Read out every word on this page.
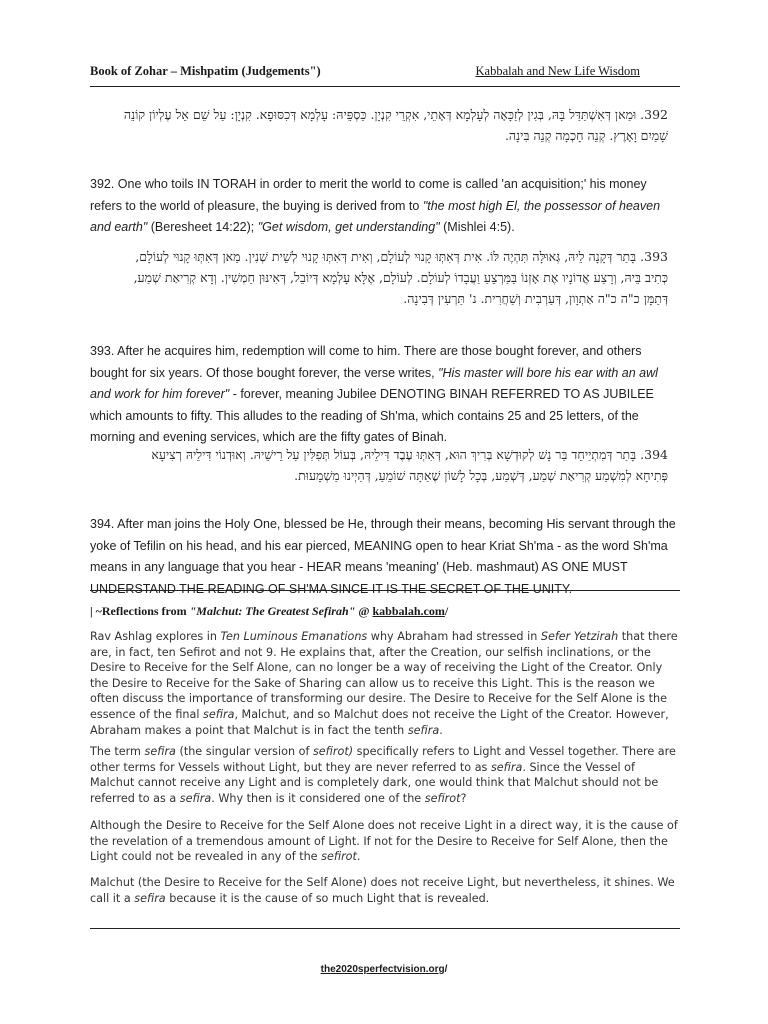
Book of Zohar – Mishpatim (Judgements")	Kabbalah and New Life Wisdom
392. וּמַאן דְּאִשְׁתַּדַּל בָּהּ, בְּגִין לְזַכָּאָה לְעָלְמָא דְּאָתֵי, אִקְרֵי קִנְיָן. כַּסְפֵּיהּ: עָלְמָא דְּכִסּוּפָא. קִנְיָן: עַל שֵׁם אֵל עֶלְיוֹן קוֹנֵה שָׁמַיִם וָאָרֶץ. קְנֵה חָכְמָה קְנֵה בִּינָה.
392. One who toils IN TORAH in order to merit the world to come is called 'an acquisition;' his money refers to the world of pleasure, the buying is derived from to "the most high El, the possessor of heaven and earth" (Beresheet 14:22); "Get wisdom, get understanding" (Mishlei 4:5).
393. בָּתַר דְּקָנָה לֵיהּ, גְּאוּלָּה תִּהְיֶה לּוֹ. אִית דְּאִתְּוּ קָנוּי לְעוֹלָם, וְאִית דְּאִתְּוּ קָנוּי לְשֵׁית שְׁנִין. מַאן דְּאִתְּוּ קָנוּי לְעוֹלָם, כְּתִיב בֵּיהּ, וְרָצַע אֲדוֹנָיו אֶת אָזְנוֹ בַּמַּרְצֵעַ וַעֲבָדוֹ לְעוֹלָם. לְעוֹלָם, אֶלָּא עָלְמָא דְּיוֹבֵל, דְּאִינּוּן חַמְשִׁין. וְדָא קְרִיאַת שְׁמַע, דְּתַמָּן כ"ה כ"ה אַתְוָון, דְּעַרְבִית וְשַׁחֲרִית. נ' תַּרְעִין דְּבִינָה.
393. After he acquires him, redemption will come to him. There are those bought forever, and others bought for six years. Of those bought forever, the verse writes, "His master will bore his ear with an awl and work for him forever" - forever, meaning Jubilee DENOTING BINAH REFERRED TO AS JUBILEE which amounts to fifty. This alludes to the reading of Sh'ma, which contains 25 and 25 letters, of the morning and evening services, which are the fifty gates of Binah.
394. בָּתַר דְּמִתְיַיחֵד בַּר נָשׁ לְקוּדְשָׁא בְּרִיךְ הוּא, דְּאִתְּוּ עֶבֶד דִּילֵיהּ, בְּעוֹל תְּפִלִּין עַל רֵישֵׁיהּ. וְאוּדְנוֹי דִּילֵיהּ רְצִיעָא פְּתִיחָא לְמִשְׁמַע קְרִיאַת שְׁמַע, דְּשְׁמַע, בְּכָל לָשׁוֹן שֶׁאַתָּה שׁוֹמֵעַ, דְּהַיְינוּ מַשְׁמָעוּת.
394. After man joins the Holy One, blessed be He, through their means, becoming His servant through the yoke of Tefilin on his head, and his ear pierced, MEANING open to hear Kriat Sh'ma - as the word Sh'ma means in any language that you hear - HEAR means 'meaning' (Heb. mashmaut) AS ONE MUST UNDERSTAND THE READING OF SH'MA SINCE IT IS THE SECRET OF THE UNITY.
| ~Reflections from "Malchut: The Greatest Sefirah" @ kabbalah.com/
Rav Ashlag explores in Ten Luminous Emanations why Abraham had stressed in Sefer Yetzirah that there are, in fact, ten Sefirot and not 9. He explains that, after the Creation, our selfish inclinations, or the Desire to Receive for the Self Alone, can no longer be a way of receiving the Light of the Creator. Only the Desire to Receive for the Sake of Sharing can allow us to receive this Light. This is the reason we often discuss the importance of transforming our desire. The Desire to Receive for the Self Alone is the essence of the final sefira, Malchut, and so Malchut does not receive the Light of the Creator. However, Abraham makes a point that Malchut is in fact the tenth sefira.
The term sefira (the singular version of sefirot) specifically refers to Light and Vessel together. There are other terms for Vessels without Light, but they are never referred to as sefira. Since the Vessel of Malchut cannot receive any Light and is completely dark, one would think that Malchut should not be referred to as a sefira. Why then is it considered one of the sefirot?
Although the Desire to Receive for the Self Alone does not receive Light in a direct way, it is the cause of the revelation of a tremendous amount of Light. If not for the Desire to Receive for Self Alone, then the Light could not be revealed in any of the sefirot.
Malchut (the Desire to Receive for the Self Alone) does not receive Light, but nevertheless, it shines. We call it a sefira because it is the cause of so much Light that is revealed.
the2020sperfectvision.org/
